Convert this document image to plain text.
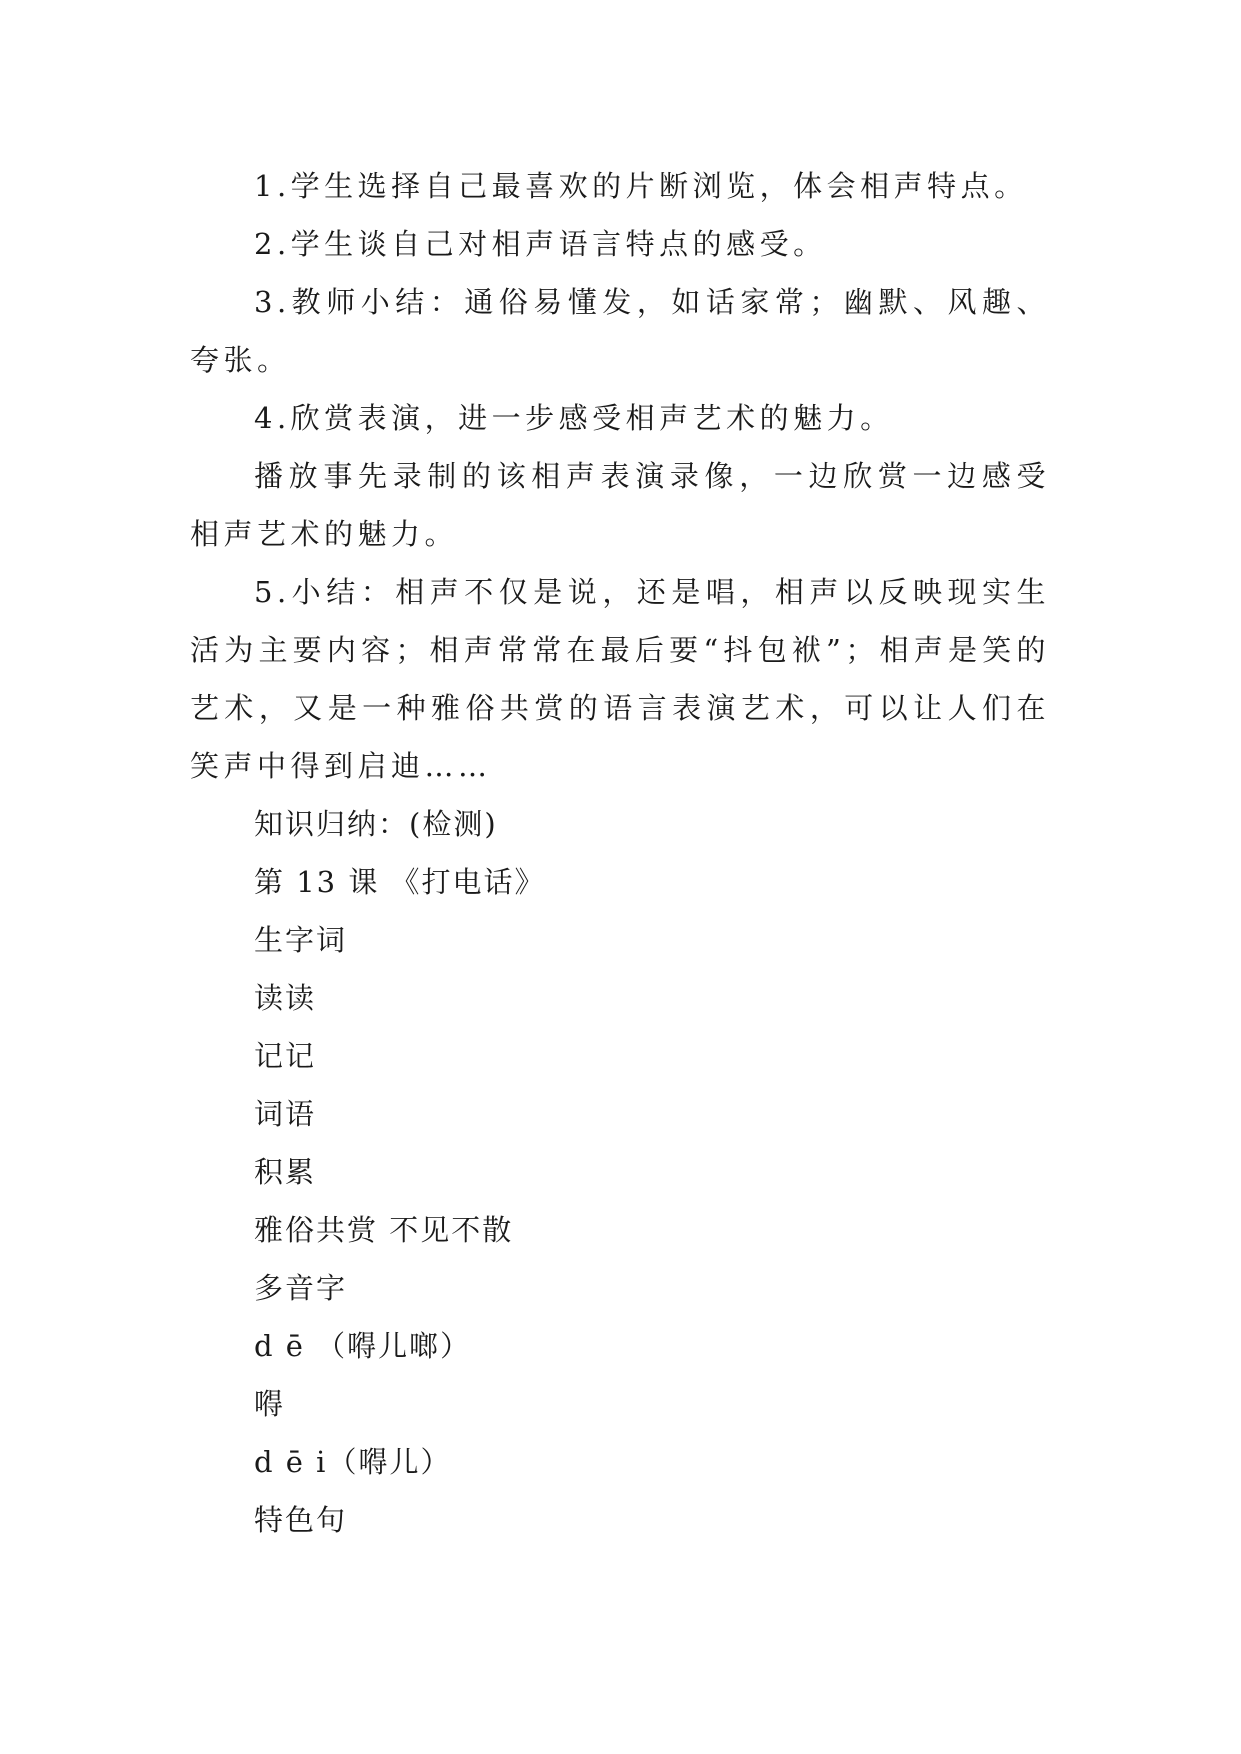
1.学生选择自己最喜欢的片断浏览，体会相声特点。

2.学生谈自己对相声语言特点的感受。

3.教师小结：通俗易懂发，如话家常；幽默、风趣、夸张。

4.欣赏表演，进一步感受相声艺术的魅力。

播放事先录制的该相声表演录像，一边欣赏一边感受相声艺术的魅力。

5.小结：相声不仅是说，还是唱，相声以反映现实生活为主要内容；相声常常在最后要“抖包袱”；相声是笑的艺术，又是一种雅俗共赏的语言表演艺术，可以让人们在笑声中得到启迪……

知识归纳：(检测)

第 13 课 《打电话》

生字词

读读

记记

词语

积累

雅俗共赏 不见不散

多音字

d ē （嘚儿啷）

嘚

d ē i（嘚儿）

特色句
